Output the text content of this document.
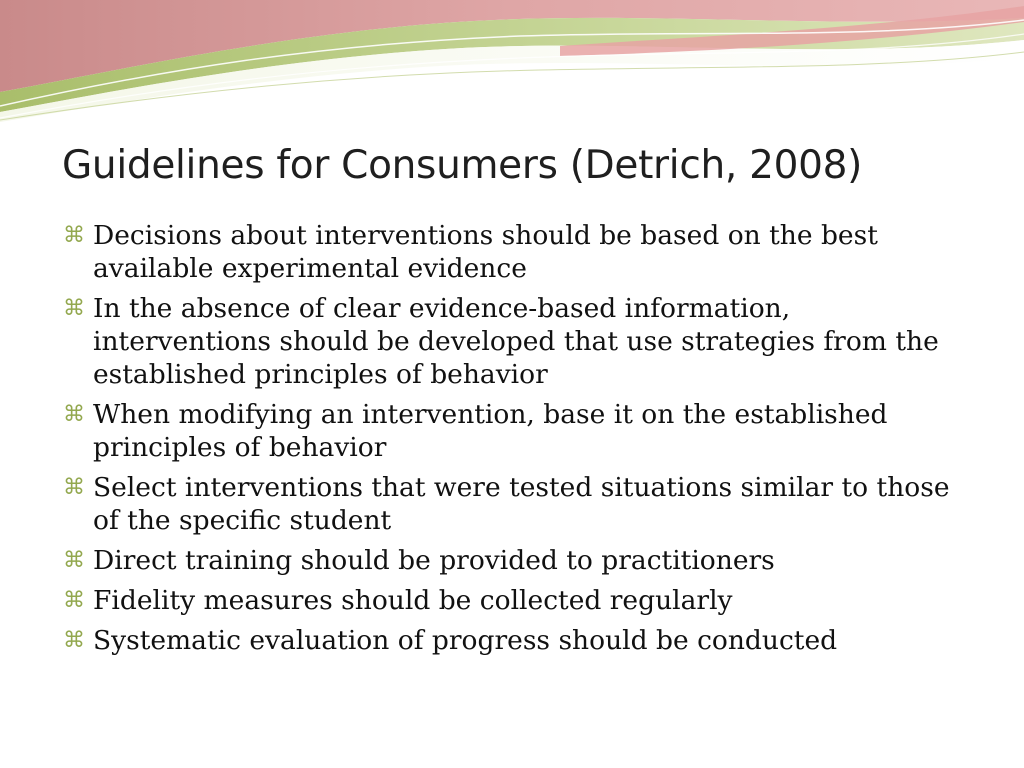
Guidelines for Consumers (Detrich, 2008)
⌘ Decisions about interventions should be based on the best available experimental evidence
⌘ In the absence of clear evidence-based information, interventions should be developed that use strategies from the established principles of behavior
⌘ When modifying an intervention, base it on the established principles of behavior
⌘ Select interventions that were tested situations similar to those of the specific student
⌘ Direct training should be provided to practitioners
⌘ Fidelity measures should be collected regularly
⌘ Systematic evaluation of progress should be conducted
